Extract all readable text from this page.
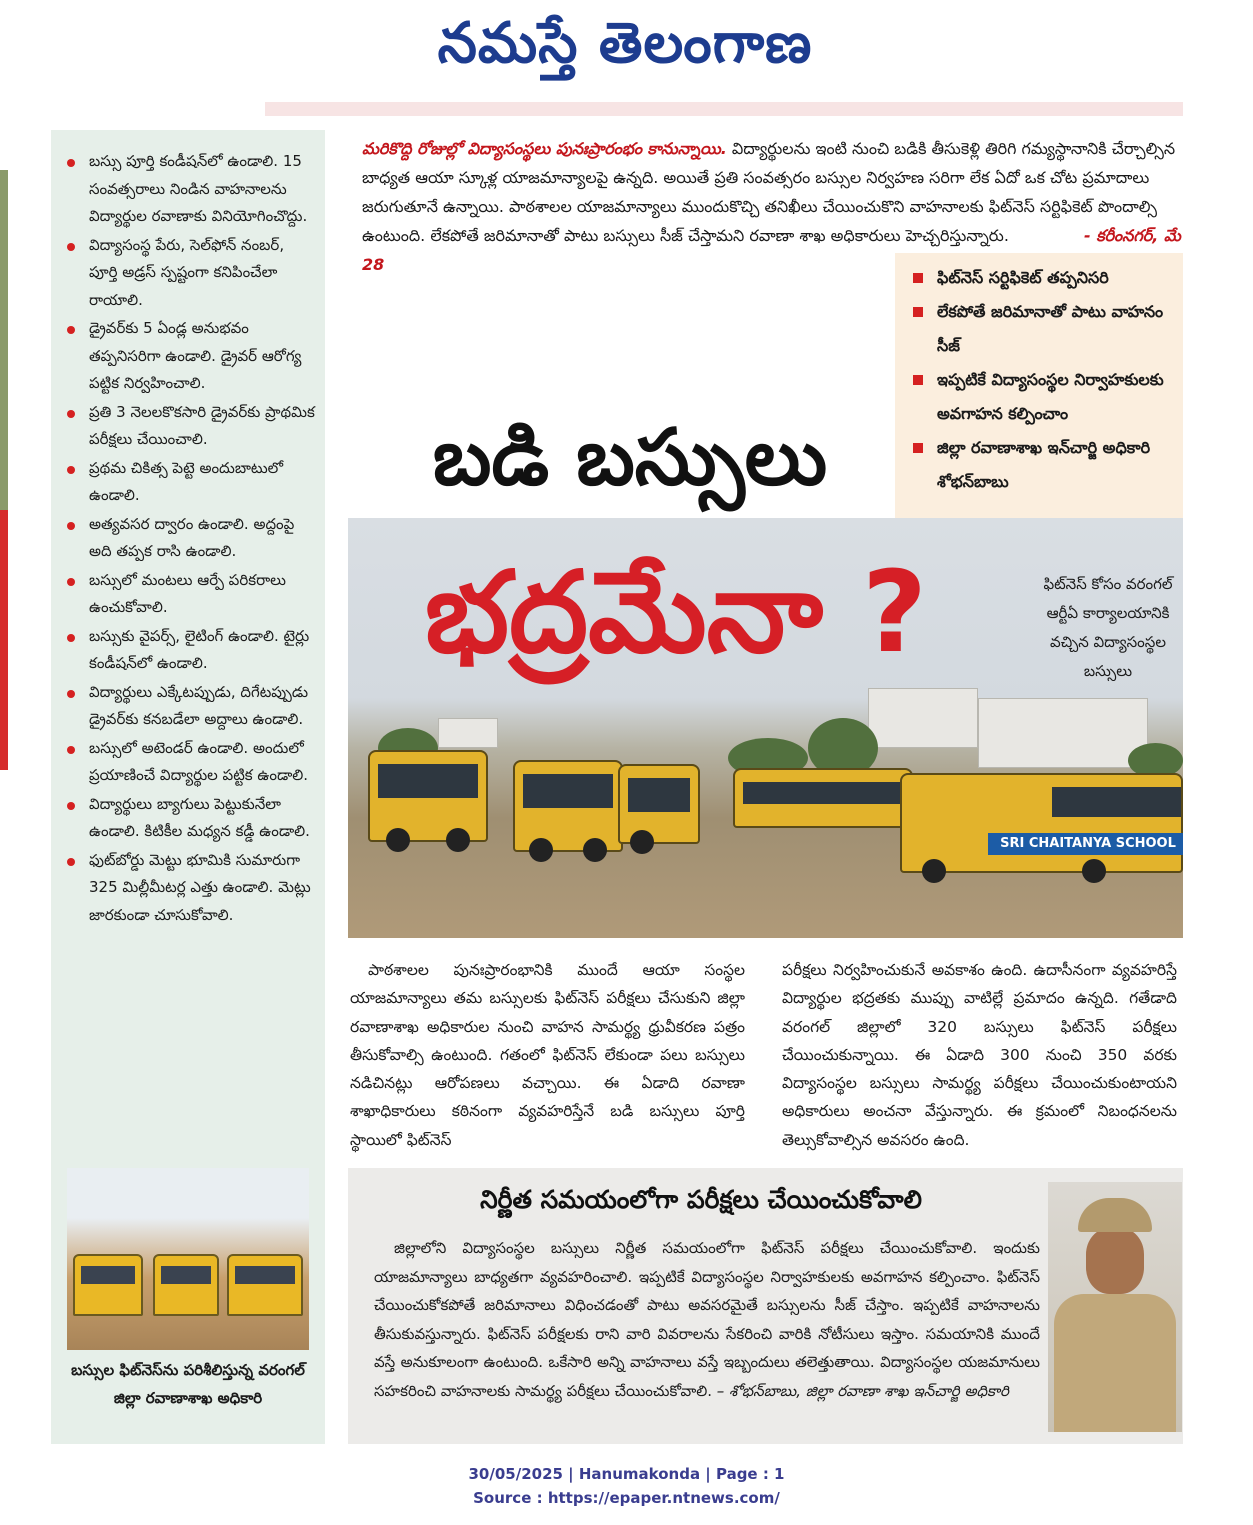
నమస్తే తెలంగాణ
బస్సు పూర్తి కండీషన్‌లో ఉండాలి. 15 సంవత్సరాలు నిండిన వాహనాలను విద్యార్థుల రవాణాకు వినియోగించొద్దు.
విద్యాసంస్థ పేరు, సెల్‌ఫోన్ నంబర్, పూర్తి అడ్రస్ స్పష్టంగా కనిపించేలా రాయాలి.
డ్రైవర్‌కు 5 ఏండ్ల అనుభవం తప్పనిసరిగా ఉండాలి. డ్రైవర్ ఆరోగ్య పట్టిక నిర్వహించాలి.
ప్రతి 3 నెలలకొకసారి డ్రైవర్‌కు ప్రాథమిక పరీక్షలు చేయించాలి.
ప్రథమ చికిత్స పెట్టె అందుబాటులో ఉండాలి.
అత్యవసర ద్వారం ఉండాలి. అద్దంపై అది తప్పక రాసి ఉండాలి.
బస్సులో మంటలు ఆర్పే పరికరాలు ఉంచుకోవాలి.
బస్సుకు వైపర్స్, లైటింగ్ ఉండాలి. టైర్లు కండీషన్‌లో ఉండాలి.
విద్యార్థులు ఎక్కేటప్పుడు, దిగేటప్పుడు డ్రైవర్‌కు కనబడేలా అద్దాలు ఉండాలి.
బస్సులో అటెండర్ ఉండాలి. అందులో ప్రయాణించే విద్యార్థుల పట్టిక ఉండాలి.
విద్యార్థులు బ్యాగులు పెట్టుకునేలా ఉండాలి. కిటికీల మధ్యన కడ్డీ ఉండాలి.
ఫుట్‌బోర్డు మెట్టు భూమికి సుమారుగా 325 మిల్లీమీటర్ల ఎత్తు ఉండాలి. మెట్లు జారకుండా చూసుకోవాలి.
బస్సుల ఫిట్‌నెస్‌ను పరిశీలిస్తున్న వరంగల్ జిల్లా రవాణాశాఖ అధికారి

మరికొద్ది రోజుల్లో విద్యాసంస్థలు పునఃప్రారంభం కానున్నాయి. విద్యార్థులను ఇంటి నుంచి బడికి తీసుకెళ్లి తిరిగి గమ్యస్థానానికి చేర్చాల్సిన బాధ్యత ఆయా స్కూళ్ల యాజమాన్యాలపై ఉన్నది. అయితే ప్రతి సంవత్సరం బస్సుల నిర్వహణ సరిగా లేక ఏదో ఒక చోట ప్రమాదాలు జరుగుతూనే ఉన్నాయి. పాఠశాలల యాజమాన్యాలు ముందుకొచ్చి తనిఖీలు చేయించుకొని వాహనాలకు ఫిట్‌నెస్ సర్టిఫికెట్ పొందాల్సి ఉంటుంది. లేకపోతే జరిమానాతో పాటు బస్సులు సీజ్ చేస్తామని రవాణా శాఖ అధికారులు హెచ్చరిస్తున్నారు.	- కరీంనగర్, మే 28

ఫిట్‌నెస్ సర్టిఫికెట్ తప్పనిసరి
లేకపోతే జరిమానాతో పాటు వాహనం సీజ్
ఇప్పటికే విద్యాసంస్థల నిర్వాహకులకు అవగాహన కల్పించాం
జిల్లా రవాణాశాఖ ఇన్‌చార్జి అధికారి శోభన్‌బాబు
బడి బస్సులు
SRI CHAITANYA SCHOOL
భద్రమేనా ?	ఫిట్‌నెస్ కోసం వరంగల్ ఆర్టీఏ కార్యాలయానికి వచ్చిన విద్యాసంస్థల బస్సులు
పాఠశాలల పునఃప్రారంభానికి ముందే ఆయా సంస్థల యాజమాన్యాలు తమ బస్సులకు ఫిట్‌నెస్ పరీక్షలు చేసుకుని జిల్లా రవాణాశాఖ అధికారుల నుంచి వాహన సామర్థ్య ధ్రువీకరణ పత్రం తీసుకోవాల్సి ఉంటుంది. గతంలో ఫిట్‌నెస్ లేకుండా పలు బస్సులు నడిచినట్లు ఆరోపణలు వచ్చాయి. ఈ ఏడాది రవాణా శాఖాధికారులు కఠినంగా వ్యవహరిస్తేనే బడి బస్సులు పూర్తి స్థాయిలో ఫిట్‌నెస్
పరీక్షలు నిర్వహించుకునే అవకాశం ఉంది. ఉదాసీనంగా వ్యవహరిస్తే విద్యార్థుల భద్రతకు ముప్పు వాటిల్లే ప్రమాదం ఉన్నది. గతేడాది వరంగల్ జిల్లాలో 320 బస్సులు ఫిట్‌నెస్ పరీక్షలు చేయించుకున్నాయి. ఈ ఏడాది 300 నుంచి 350 వరకు విద్యాసంస్థల బస్సులు సామర్థ్య పరీక్షలు చేయించుకుంటాయని అధికారులు అంచనా వేస్తున్నారు. ఈ క్రమంలో నిబంధనలను తెల్సుకోవాల్సిన అవసరం ఉంది.
నిర్ణీత సమయంలోగా పరీక్షలు చేయించుకోవాలి
జిల్లాలోని విద్యాసంస్థల బస్సులు నిర్ణీత సమయంలోగా ఫిట్‌నెస్ పరీక్షలు చేయించుకోవాలి. ఇందుకు యాజమాన్యాలు బాధ్యతగా వ్యవహరించాలి. ఇప్పటికే విద్యాసంస్థల నిర్వాహకులకు అవగాహన కల్పించాం. ఫిట్‌నెస్ చేయించుకోకపోతే జరిమానాలు విధించడంతో పాటు అవసరమైతే బస్సులను సీజ్ చేస్తాం. ఇప్పటికే వాహనాలను తీసుకువస్తున్నారు. ఫిట్‌నెస్ పరీక్షలకు రాని వారి వివరాలను సేకరించి వారికి నోటీసులు ఇస్తాం. సమయానికి ముందే వస్తే అనుకూలంగా ఉంటుంది. ఒకేసారి అన్ని వాహనాలు వస్తే ఇబ్బందులు తలెత్తుతాయి. విద్యాసంస్థల యజమానులు సహకరించి వాహనాలకు సామర్థ్య పరీక్షలు చేయించుకోవాలి. – శోభన్‌బాబు, జిల్లా రవాణా శాఖ ఇన్‌చార్జి అధికారి
30/05/2025 | Hanumakonda | Page : 1
Source : https://epaper.ntnews.com/
